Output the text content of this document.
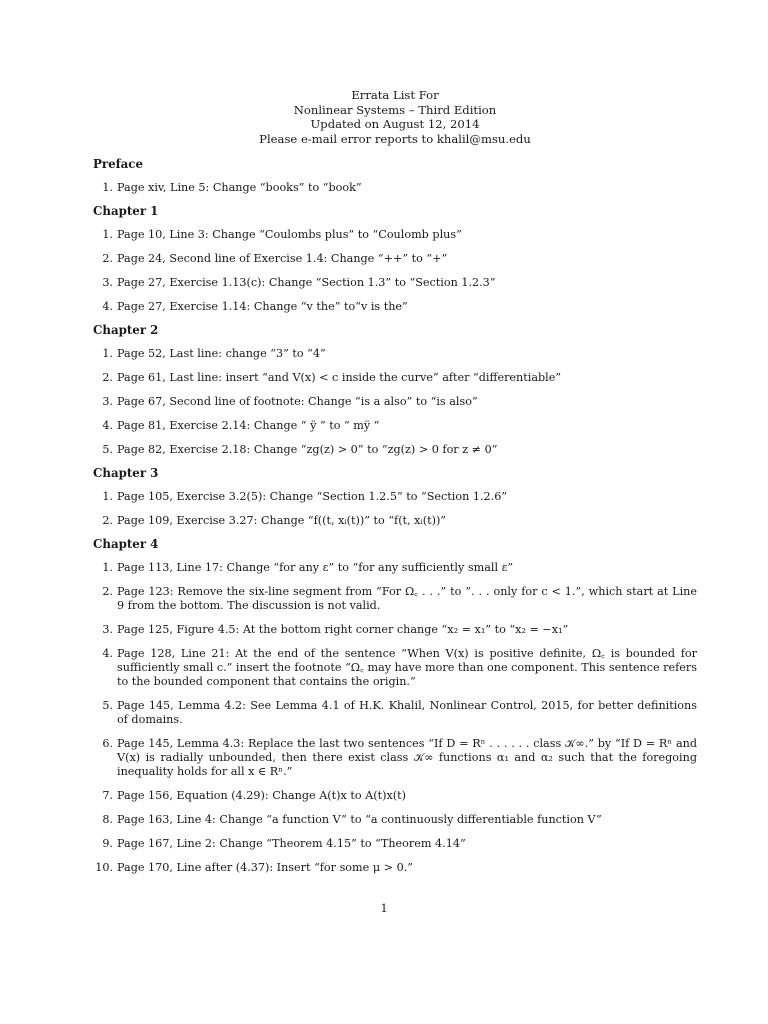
Errata List For
Nonlinear Systems – Third Edition
Updated on August 12, 2014
Please e-mail error reports to khalil@msu.edu
Preface
1. Page xiv, Line 5: Change “books” to “book”
Chapter 1
1. Page 10, Line 3: Change “Coulombs plus” to “Coulomb plus”
2. Page 24, Second line of Exercise 1.4: Change “++” to “+”
3. Page 27, Exercise 1.13(c): Change “Section 1.3” to “Section 1.2.3”
4. Page 27, Exercise 1.14: Change “v the” to“v is the”
Chapter 2
1. Page 52, Last line: change “3” to “4”
2. Page 61, Last line: insert “and V(x) < c inside the curve” after “differentiable”
3. Page 67, Second line of footnote: Change “is a also” to “is also”
4. Page 81, Exercise 2.14: Change “ ÿ ” to “ mÿ ”
5. Page 82, Exercise 2.18: Change “zg(z) > 0” to “zg(z) > 0 for z ≠ 0”
Chapter 3
1. Page 105, Exercise 3.2(5): Change “Section 1.2.5” to “Section 1.2.6”
2. Page 109, Exercise 3.27: Change “f((t, xᵢ(t))” to “f(t, xᵢ(t))”
Chapter 4
1. Page 113, Line 17: Change “for any ε” to “for any sufficiently small ε”
2. Page 123: Remove the six-line segment from “For Ω꜀ . . .” to ”. . . only for c < 1.”, which start at Line 9 from the bottom. The discussion is not valid.
3. Page 125, Figure 4.5: At the bottom right corner change “x₂ = x₁” to “x₂ = −x₁”
4. Page 128, Line 21: At the end of the sentence “When V(x) is positive definite, Ω꜀ is bounded for sufficiently small c.” insert the footnote “Ω꜀ may have more than one component. This sentence refers to the bounded component that contains the origin.”
5. Page 145, Lemma 4.2: See Lemma 4.1 of H.K. Khalil, Nonlinear Control, 2015, for better definitions of domains.
6. Page 145, Lemma 4.3: Replace the last two sentences “If D = Rⁿ . . . . . . class 𝒦∞.” by “If D = Rⁿ and V(x) is radially unbounded, then there exist class 𝒦∞ functions α₁ and α₂ such that the foregoing inequality holds for all x ∈ Rⁿ.”
7. Page 156, Equation (4.29): Change A(t)x to A(t)x(t)
8. Page 163, Line 4: Change “a function V” to “a continuously differentiable function V”
9. Page 167, Line 2: Change “Theorem 4.15” to “Theorem 4.14”
10. Page 170, Line after (4.37): Insert “for some μ > 0.”
1
